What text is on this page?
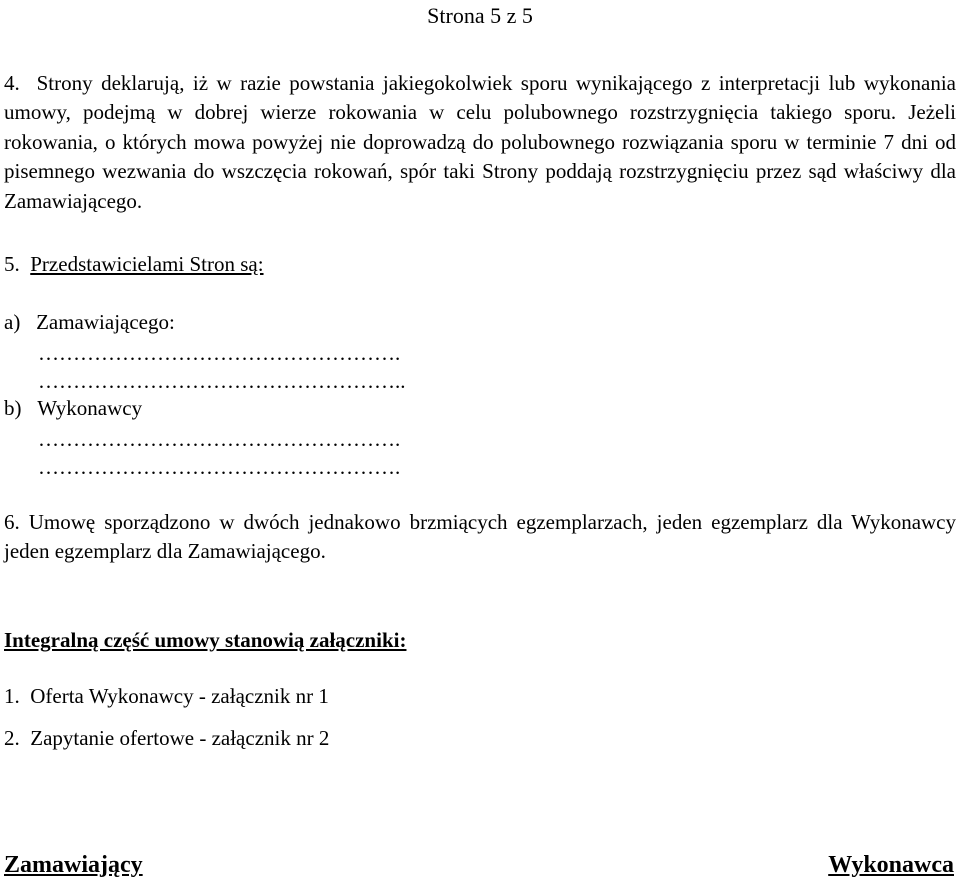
Strona 5 z 5
4. Strony deklarują, iż w razie powstania jakiegokolwiek sporu wynikającego z interpretacji lub wykonania umowy, podejmą w dobrej wierze rokowania w celu polubownego rozstrzygnięcia takiego sporu. Jeżeli rokowania, o których mowa powyżej nie doprowadzą do polubownego rozwiązania sporu w terminie 7 dni od pisemnego wezwania do wszczęcia rokowań, spór taki Strony poddają rozstrzygnięciu przez sąd właściwy dla Zamawiającego.
5. Przedstawicielami Stron są:
a) Zamawiającego:
…………………………………………….
……………………………………………..
b) Wykonawcy
…………………………………………….
…………………………………………….
6. Umowę sporządzono w dwóch jednakowo brzmiących egzemplarzach, jeden egzemplarz dla Wykonawcy jeden egzemplarz dla Zamawiającego.
Integralną część umowy stanowią załączniki:
1. Oferta Wykonawcy - załącznik nr 1
2. Zapytanie ofertowe - załącznik nr 2
Zamawiający	Wykonawca
